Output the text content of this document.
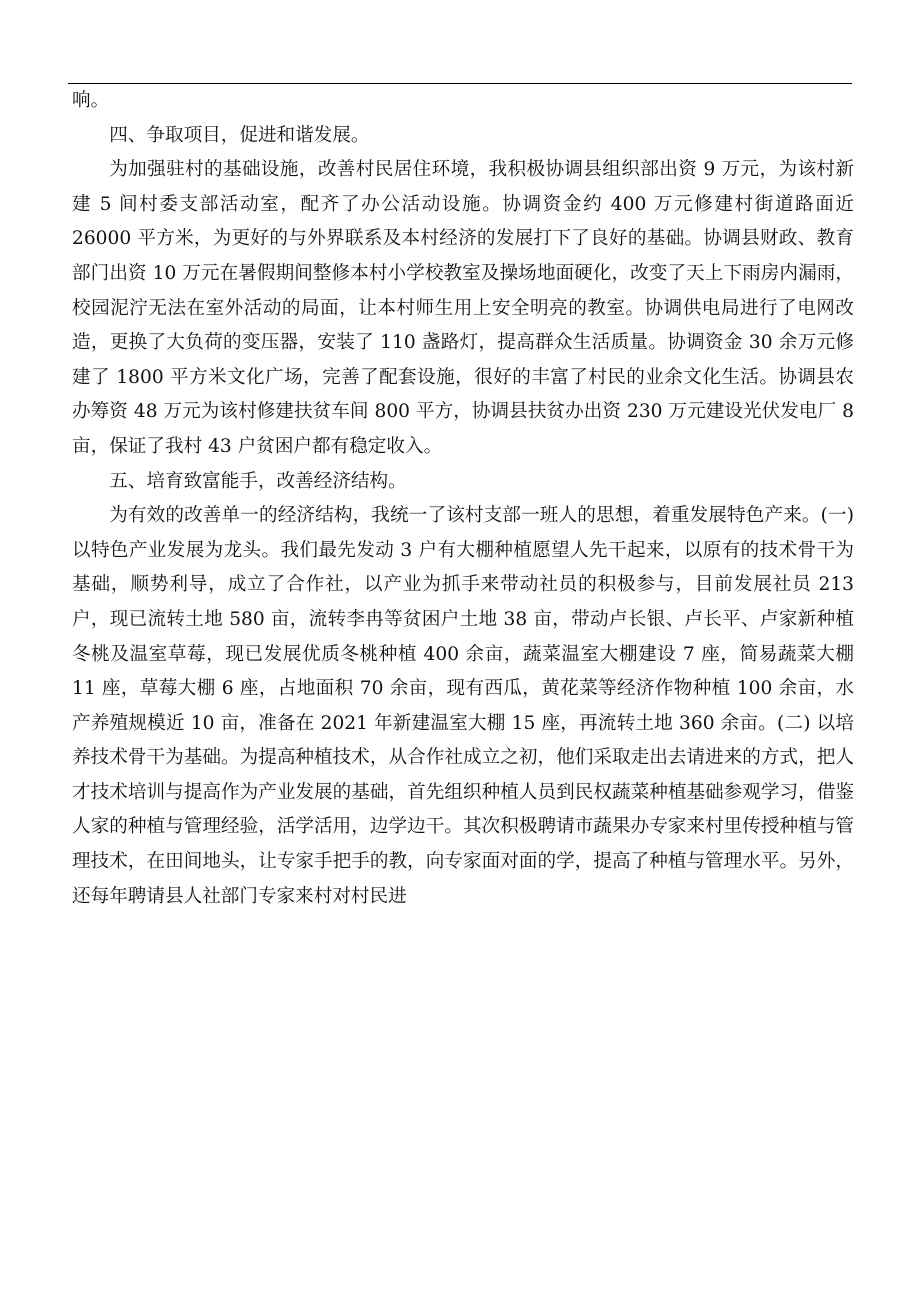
响。

四、争取项目，促进和谐发展。

为加强驻村的基础设施，改善村民居住环境，我积极协调县组织部出资 9 万元，为该村新建 5 间村委支部活动室，配齐了办公活动设施。协调资金约 400 万元修建村街道路面近 26000 平方米，为更好的与外界联系及本村经济的发展打下了良好的基础。协调县财政、教育部门出资 10 万元在暑假期间整修本村小学校教室及操场地面硬化，改变了天上下雨房内漏雨，校园泥泞无法在室外活动的局面，让本村师生用上安全明亮的教室。协调供电局进行了电网改造，更换了大负荷的变压器，安装了 110 盏路灯，提高群众生活质量。协调资金 30 余万元修建了 1800 平方米文化广场，完善了配套设施，很好的丰富了村民的业余文化生活。协调县农办筹资 48 万元为该村修建扶贫车间 800 平方，协调县扶贫办出资 230 万元建设光伏发电厂 8 亩，保证了我村 43 户贫困户都有稳定收入。

五、培育致富能手，改善经济结构。

为有效的改善单一的经济结构，我统一了该村支部一班人的思想，着重发展特色产来。(一) 以特色产业发展为龙头。我们最先发动 3 户有大棚种植愿望人先干起来，以原有的技术骨干为基础，顺势利导，成立了合作社，以产业为抓手来带动社员的积极参与，目前发展社员 213 户，现已流转土地 580 亩，流转李冉等贫困户土地 38 亩，带动卢长银、卢长平、卢家新种植冬桃及温室草莓，现已发展优质冬桃种植 400 余亩，蔬菜温室大棚建设 7 座，简易蔬菜大棚 11 座，草莓大棚 6 座，占地面积 70 余亩，现有西瓜，黄花菜等经济作物种植 100 余亩，水产养殖规模近 10 亩，准备在 2021 年新建温室大棚 15 座，再流转土地 360 余亩。(二) 以培养技术骨干为基础。为提高种植技术，从合作社成立之初，他们采取走出去请进来的方式，把人才技术培训与提高作为产业发展的基础，首先组织种植人员到民权蔬菜种植基础参观学习，借鉴人家的种植与管理经验，活学活用，边学边干。其次积极聘请市蔬果办专家来村里传授种植与管理技术，在田间地头，让专家手把手的教，向专家面对面的学，提高了种植与管理水平。另外，还每年聘请县人社部门专家来村对村民进
